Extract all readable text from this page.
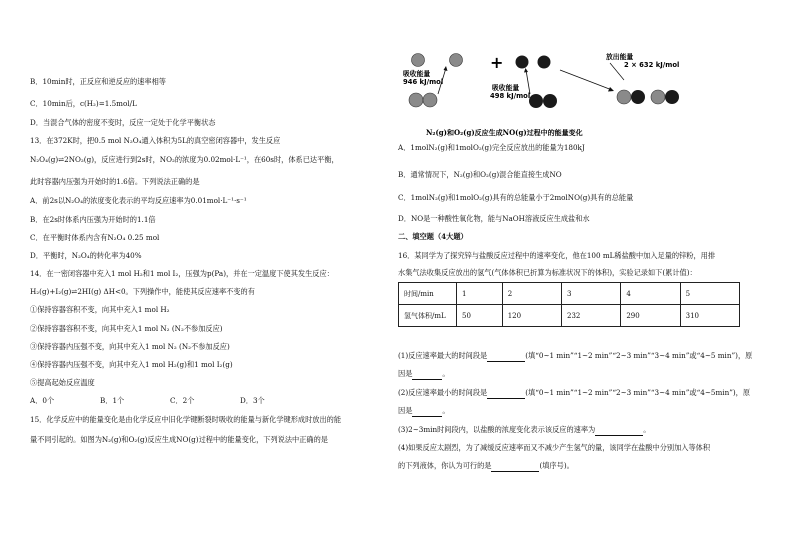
B．10min时，正反应和逆反应的速率相等
C．10min后，c(H₂)=1.5mol/L
D．当混合气体的密度不变时，反应一定处于化学平衡状态
13．在372K时，把0.5 mol N₂O₄通入体积为5L的真空密闭容器中，发生反应
N₂O₄(g)⇌2NO₂(g)，反应进行到2s时，NO₂的浓度为0.02mol·L⁻¹，在60s时，体系已达平衡，
此时容器内压强为开始时的1.6倍。下列说法正确的是
A．前2s以N₂O₄的浓度变化表示的平均反应速率为0.01mol·L⁻¹·s⁻¹
B．在2s时体系内压强为开始时的1.1倍
C．在平衡时体系内含有N₂O₄ 0.25 mol
D．平衡时，N₂O₄的转化率为40%
14．在一密闭容器中充入1 mol H₂和1 mol I₂，压强为p(Pa)，并在一定温度下使其发生反应：
H₂(g)+I₂(g)⇌2HI(g) ΔH<0。下列操作中，能使其反应速率不变的有
①保持容器容积不变，向其中充入1 mol H₂
②保持容器容积不变，向其中充入1 mol N₂ (N₂不参加反应)
③保持容器内压强不变，向其中充入1 mol N₂ (N₂不参加反应)
④保持容器内压强不变，向其中充入1 mol H₂(g)和1 mol I₂(g)
⑤提高起始反应温度
A．0个	B．1个	C．2个	D．3个
15．化学反应中的能量变化是由化学反应中旧化学键断裂时吸收的能量与新化学键形成时放出的能
量不同引起的。如图为N₂(g)和O₂(g)反应生成NO(g)过程中的能量变化，下列说法中正确的是
吸收能量
946 kJ/mol
+
吸收能量
498 kJ/mol
放出能量
2 × 632 kJ/mol
N₂(g)和O₂(g)反应生成NO(g)过程中的能量变化
A．1molN₂(g)和1molO₂(g)完全反应放出的能量为180kJ
B．通常情况下，N₂(g)和O₂(g)混合能直接生成NO
C．1molN₂(g)和1molO₂(g)具有的总能量小于2molNO(g)具有的总能量
D．NO是一种酸性氧化物，能与NaOH溶液反应生成盐和水
二、填空题（4大题）
16．某同学为了探究锌与盐酸反应过程中的速率变化，他在100 mL稀盐酸中加入足量的锌粉，用排
水集气法收集反应放出的氢气(气体体积已折算为标准状况下的体积)，实验记录如下(累计值)：
时间/min	1	2	3	4	5
氢气体积/mL	50	120	232	290	310
(1)反应速率最大的时间段是	(填“0~1 min”“1~2 min”“2~3 min”“3~4 min”或“4~5 min”)，原
因是	。
(2)反应速率最小的时间段是	(填“0~1 min”“1~2 min”“2~3 min”“3~4 min”或“4~5min”)，原
因是	。
(3)2~3min时间段内，以盐酸的浓度变化表示该反应的速率为	。
(4)如果反应太剧烈，为了减缓反应速率而又不减少产生氢气的量，该同学在盐酸中分别加入等体积
的下列液体，你认为可行的是	(填序号)。
